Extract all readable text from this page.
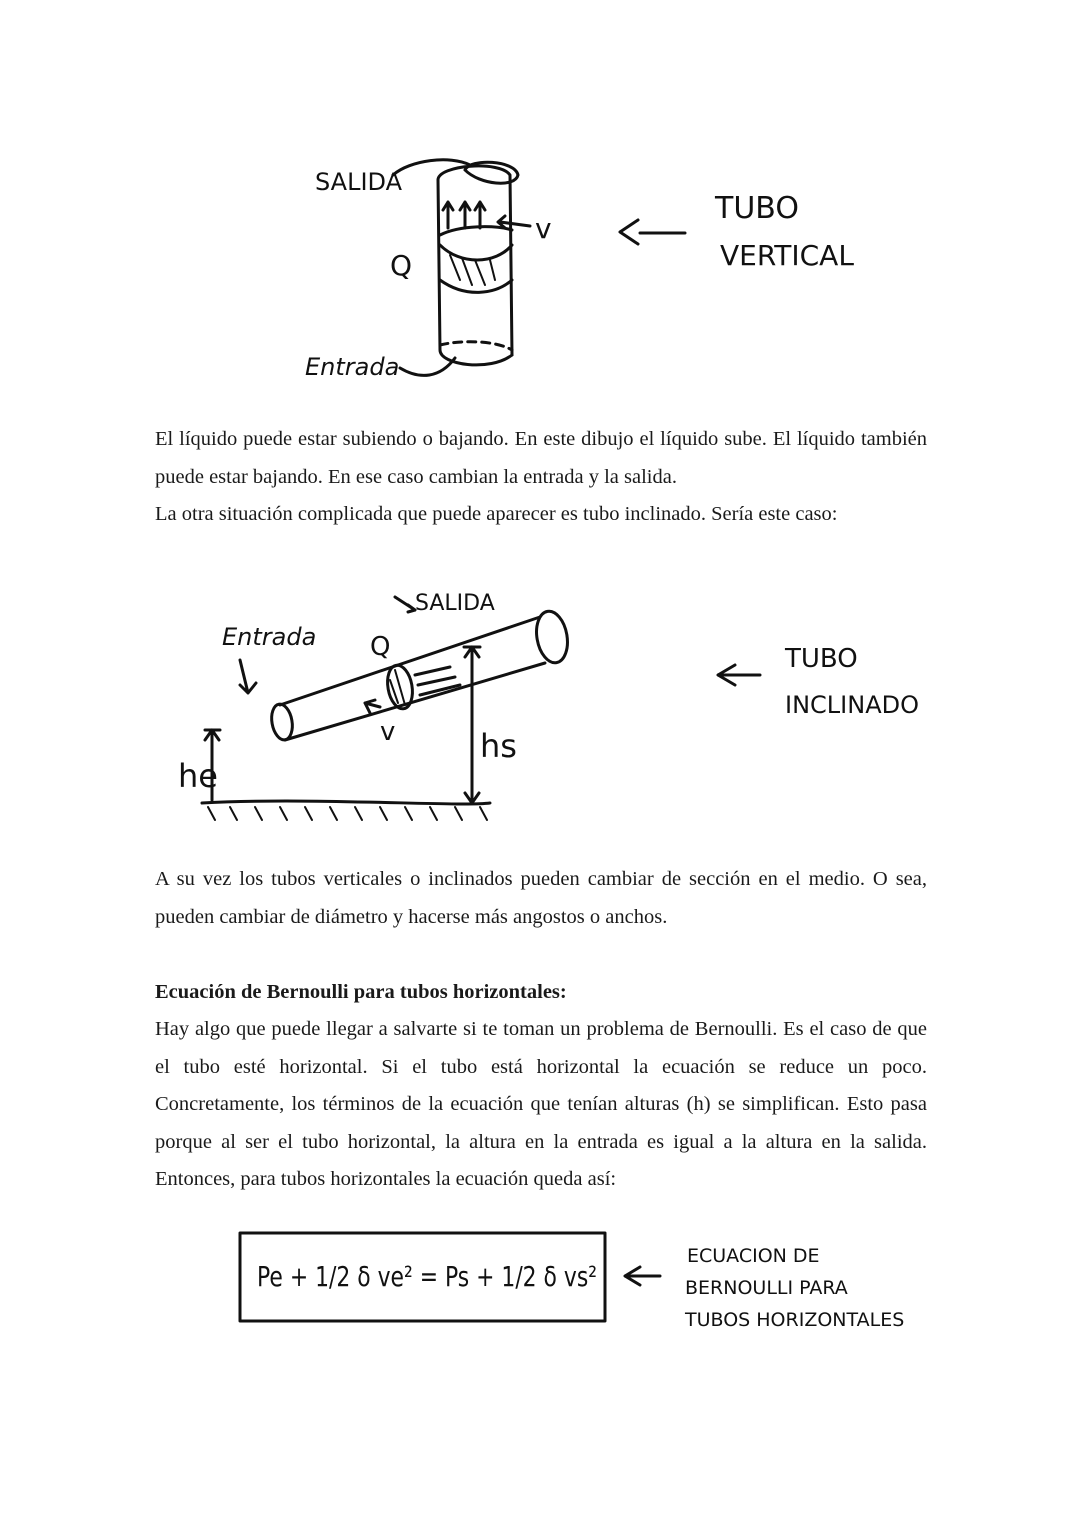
SALIDA
Entrada
Q
v
TUBO
VERTICAL

El líquido puede estar subiendo o bajando. En este dibujo el líquido sube. El líquido también puede estar bajando. En ese caso cambian la entrada y la salida.

La otra situación complicada que puede aparecer es tubo inclinado. Sería este caso:

SALIDA
Entrada Q
v
he
hs
TUBO
INCLINADO
A su vez los tubos verticales o inclinados pueden cambiar de sección en el medio. O sea, pueden cambiar de diámetro y hacerse más angostos o anchos.
Ecuación de Bernoulli para tubos horizontales:
Hay algo que puede llegar a salvarte si te toman un problema de Bernoulli. Es el caso de que el tubo esté horizontal. Si el tubo está horizontal la ecuación se reduce un poco. Concretamente, los términos de la ecuación que tenían alturas (h) se simplifican. Esto pasa porque al ser el tubo horizontal, la altura en la entrada es igual a la altura en la salida. Entonces, para tubos horizontales la ecuación queda así:
Pe + 1/2 δ ve² = Ps + 1/2 δ vs²
ECUACION DE
BERNOULLI PARA
TUBOS HORIZONTALES
